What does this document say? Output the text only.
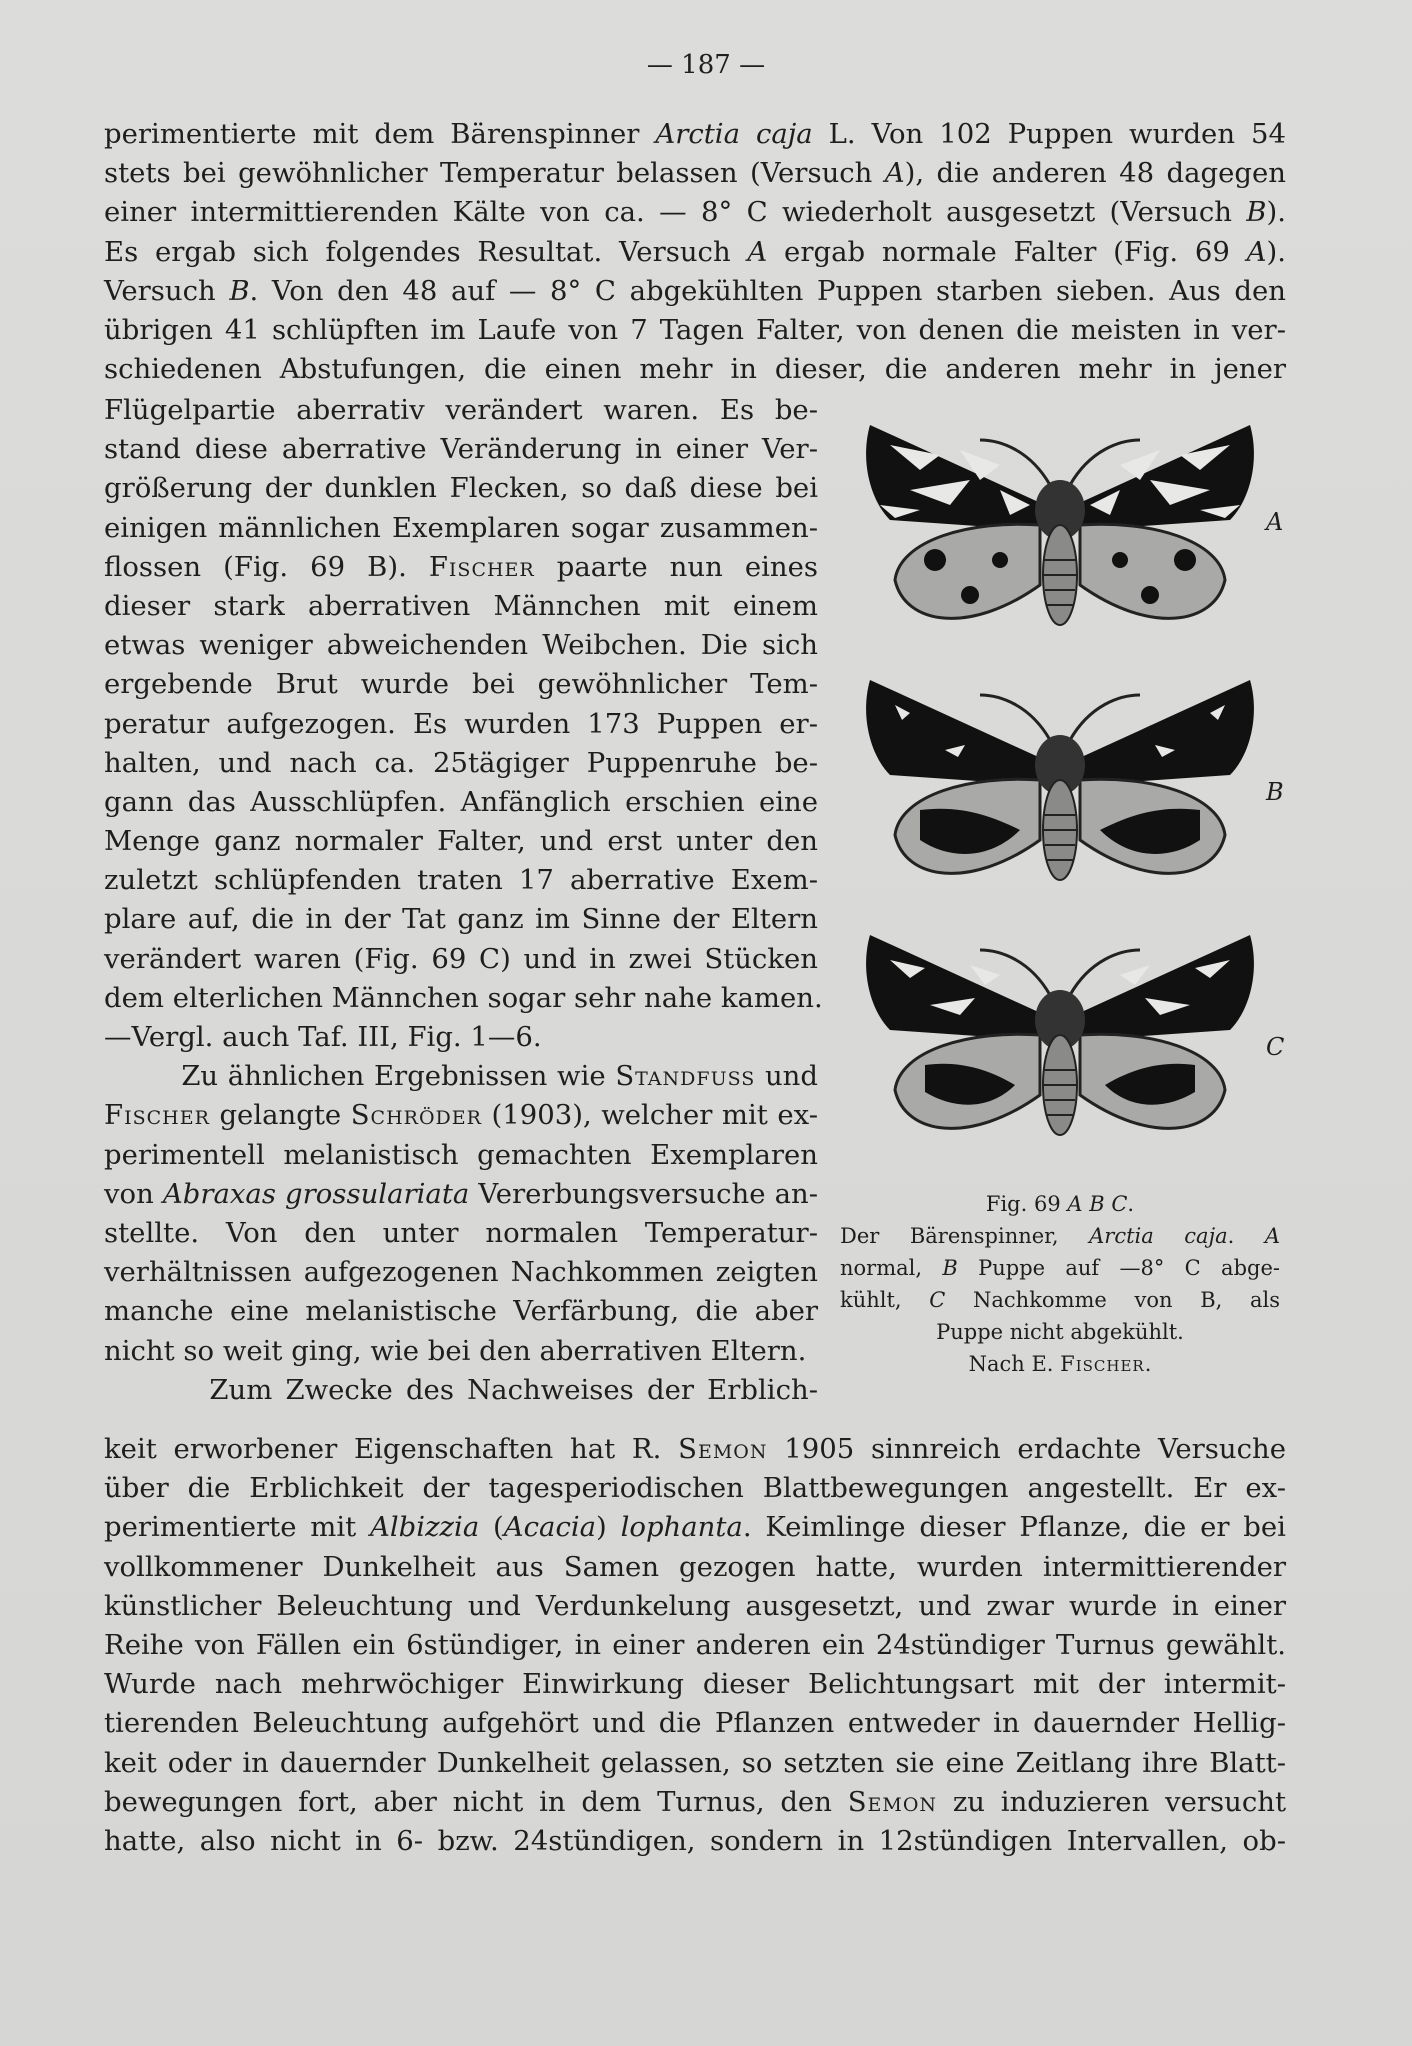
— 187 —
perimentierte mit dem Bärenspinner Arctia caja L. Von 102 Puppen wurden 54
stets bei gewöhnlicher Temperatur belassen (Versuch A), die anderen 48 dagegen
einer intermittierenden Kälte von ca. — 8° C wiederholt ausgesetzt (Versuch B).
Es ergab sich folgendes Resultat. Versuch A ergab normale Falter (Fig. 69 A).
Versuch B. Von den 48 auf — 8° C abgekühlten Puppen starben sieben. Aus den
übrigen 41 schlüpften im Laufe von 7 Tagen Falter, von denen die meisten in ver-
schiedenen Abstufungen, die einen mehr in dieser, die anderen mehr in jener
Flügelpartie aberrativ verändert waren. Es be-
stand diese aberrative Veränderung in einer Ver-
größerung der dunklen Flecken, so daß diese bei
einigen männlichen Exemplaren sogar zusammen-
flossen (Fig. 69 B). Fischer paarte nun eines
dieser stark aberrativen Männchen mit einem
etwas weniger abweichenden Weibchen. Die sich
ergebende Brut wurde bei gewöhnlicher Tem-
peratur aufgezogen. Es wurden 173 Puppen er-
halten, und nach ca. 25tägiger Puppenruhe be-
gann das Ausschlüpfen. Anfänglich erschien eine
Menge ganz normaler Falter, und erst unter den
zuletzt schlüpfenden traten 17 aberrative Exem-
plare auf, die in der Tat ganz im Sinne der Eltern
verändert waren (Fig. 69 C) und in zwei Stücken
dem elterlichen Männchen sogar sehr nahe kamen.
—Vergl. auch Taf. III, Fig. 1—6.
Zu ähnlichen Ergebnissen wie Standfuss und
Fischer gelangte Schröder (1903), welcher mit ex-
perimentell melanistisch gemachten Exemplaren
von Abraxas grossulariata Vererbungsversuche an-
stellte. Von den unter normalen Temperatur-
verhältnissen aufgezogenen Nachkommen zeigten
manche eine melanistische Verfärbung, die aber
nicht so weit ging, wie bei den aberrativen Eltern.
Zum Zwecke des Nachweises der Erblich-
keit erworbener Eigenschaften hat R. Semon 1905 sinnreich erdachte Versuche
über die Erblichkeit der tagesperiodischen Blattbewegungen angestellt. Er ex-
perimentierte mit Albizzia (Acacia) lophanta. Keimlinge dieser Pflanze, die er bei
vollkommener Dunkelheit aus Samen gezogen hatte, wurden intermittierender
künstlicher Beleuchtung und Verdunkelung ausgesetzt, und zwar wurde in einer
Reihe von Fällen ein 6stündiger, in einer anderen ein 24stündiger Turnus gewählt.
Wurde nach mehrwöchiger Einwirkung dieser Belichtungsart mit der intermit-
tierenden Beleuchtung aufgehört und die Pflanzen entweder in dauernder Hellig-
keit oder in dauernder Dunkelheit gelassen, so setzten sie eine Zeitlang ihre Blatt-
bewegungen fort, aber nicht in dem Turnus, den Semon zu induzieren versucht
hatte, also nicht in 6- bzw. 24stündigen, sondern in 12stündigen Intervallen, ob-
A
B
C
Fig. 69 A B C.
Der Bärenspinner, Arctia caja. A
normal, B Puppe auf —8° C abge-
kühlt, C Nachkomme von B, als
Puppe nicht abgekühlt.
Nach E. Fischer.
